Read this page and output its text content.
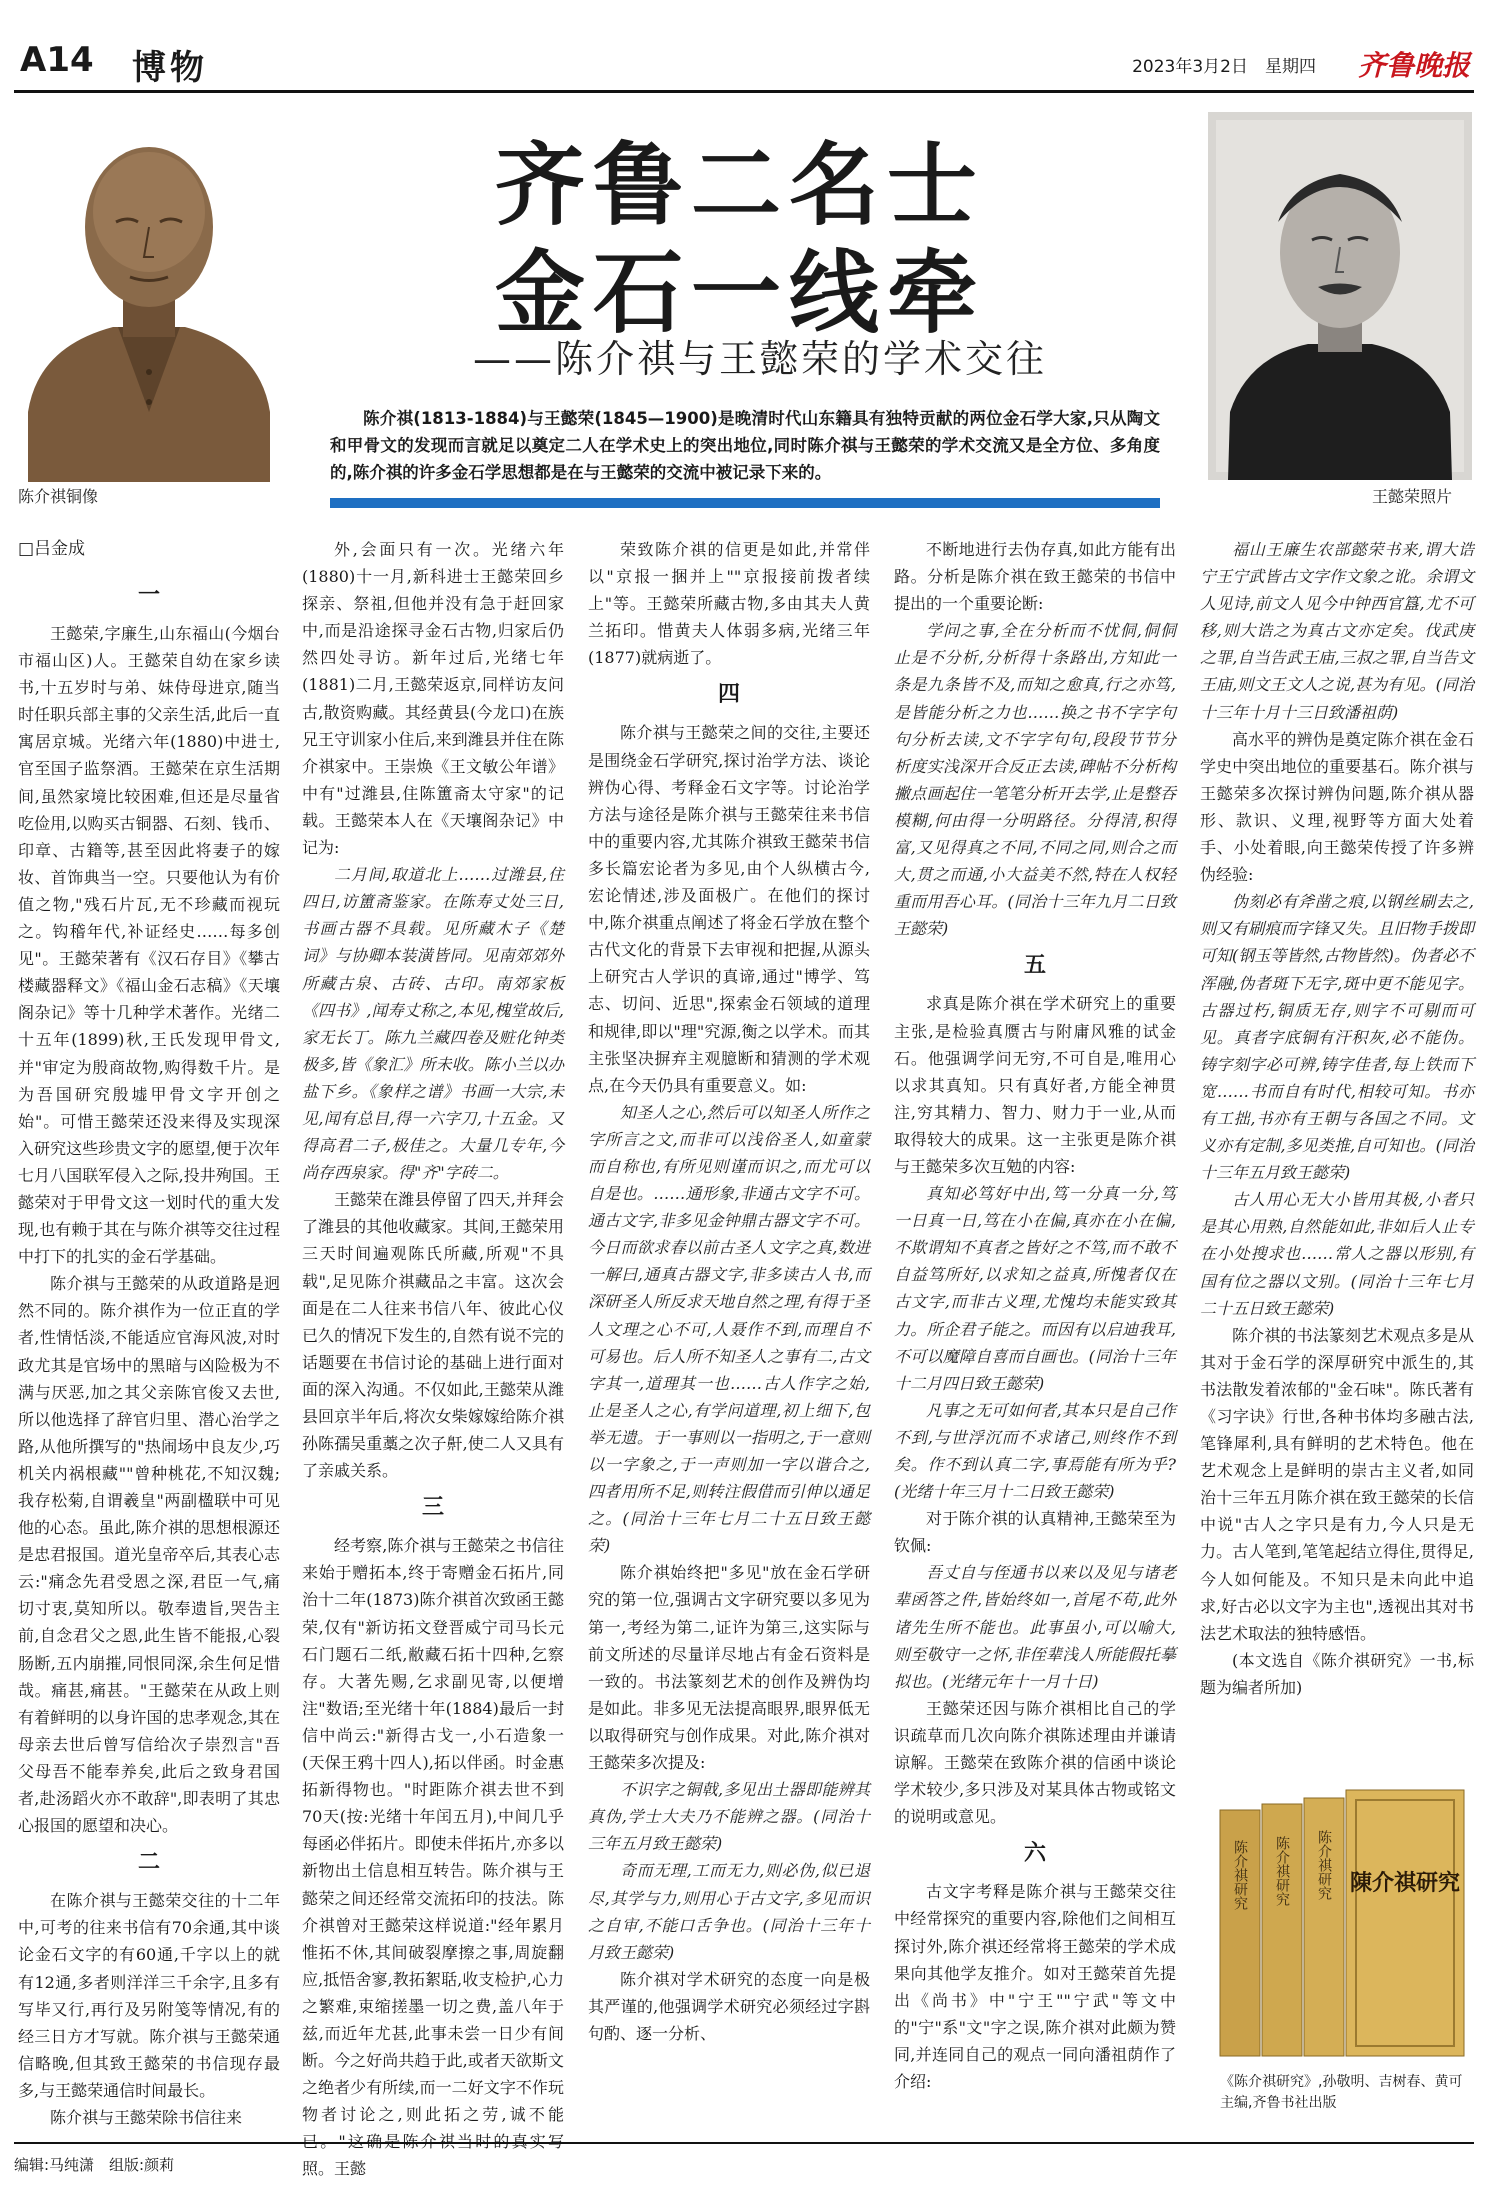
A14 博物	2023年3月2日　星期四 齐鲁晚报
陈介祺铜像	王懿荣照片
齐鲁二名士
金石一线牵
——陈介祺与王懿荣的学术交往
陈介祺(1813-1884)与王懿荣(1845—1900)是晚清时代山东籍具有独特贡献的两位金石学大家,只从陶文和甲骨文的发现而言就足以奠定二人在学术史上的突出地位,同时陈介祺与王懿荣的学术交流又是全方位、多角度的,陈介祺的许多金石学思想都是在与王懿荣的交流中被记录下来的。
□吕金成
一

王懿荣,字廉生,山东福山(今烟台市福山区)人。王懿荣自幼在家乡读书,十五岁时与弟、妹侍母进京,随当时任职兵部主事的父亲生活,此后一直寓居京城。光绪六年(1880)中进士,官至国子监祭酒。王懿荣在京生活期间,虽然家境比较困难,但还是尽量省吃俭用,以购买古铜器、石刻、钱币、印章、古籍等,甚至因此将妻子的嫁妆、首饰典当一空。只要他认为有价值之物,"残石片瓦,无不珍藏而视玩之。钩稽年代,补证经史……每多创见"。王懿荣著有《汉石存目》《攀古楼藏器释文》《福山金石志稿》《天壤阁杂记》等十几种学术著作。光绪二十五年(1899)秋,王氏发现甲骨文,并"审定为殷商故物,购得数千片。是为吾国研究殷墟甲骨文字开创之始"。可惜王懿荣还没来得及实现深入研究这些珍贵文字的愿望,便于次年七月八国联军侵入之际,投井殉国。王懿荣对于甲骨文这一划时代的重大发现,也有赖于其在与陈介祺等交往过程中打下的扎实的金石学基础。

陈介祺与王懿荣的从政道路是迥然不同的。陈介祺作为一位正直的学者,性情恬淡,不能适应官海风波,对时政尤其是官场中的黑暗与凶险极为不满与厌恶,加之其父亲陈官俊又去世,所以他选择了辞官归里、潜心治学之路,从他所撰写的"热闹场中良友少,巧机关内祸根藏""曾种桃花,不知汉魏;我存松菊,自谓羲皇"两副楹联中可见他的心态。虽此,陈介祺的思想根源还是忠君报国。道光皇帝卒后,其表心志云:"痛念先君受恩之深,君臣一气,痛切寸衷,莫知所以。敬奉遗旨,哭告主前,自念君父之恩,此生皆不能报,心裂肠断,五内崩摧,同恨同深,余生何足惜哉。痛甚,痛甚。"王懿荣在从政上则有着鲜明的以身许国的忠孝观念,其在母亲去世后曾写信给次子崇烈言"吾父母吾不能奉养矣,此后之致身君国者,赴汤蹈火亦不敢辞",即表明了其忠心报国的愿望和决心。

二

在陈介祺与王懿荣交往的十二年中,可考的往来书信有70余通,其中谈论金石文字的有60通,千字以上的就有12通,多者则洋洋三千余字,且多有写毕又行,再行及另附笺等情况,有的经三日方才写就。陈介祺与王懿荣通信略晚,但其致王懿荣的书信现存最多,与王懿荣通信时间最长。

陈介祺与王懿荣除书信往来

外,会面只有一次。光绪六年(1880)十一月,新科进士王懿荣回乡探亲、祭祖,但他并没有急于赶回家中,而是沿途探寻金石古物,归家后仍然四处寻访。新年过后,光绪七年(1881)二月,王懿荣返京,同样访友问古,散资购藏。其经黄县(今龙口)在族兄王守训家小住后,来到潍县并住在陈介祺家中。王崇焕《王文敏公年谱》中有"过潍县,住陈簠斋太守家"的记载。王懿荣本人在《天壤阁杂记》中记为:

二月间,取道北上……过潍县,住四日,访簠斋鉴家。在陈寿丈处三日,书画古器不具载。见所藏木子《楚词》与协卿本装潢皆同。见南郊郊外所藏古泉、古砖、古印。南郊家板《四书》,闻寿丈称之,本见,槐堂故后,家无长丁。陈九兰藏四卷及赃化钟类极多,皆《象汇》所未收。陈小兰以办盐下乡。《象样之谱》书画一大宗,未见,闻有总目,得一六字刀,十五金。又得高君二子,极佳之。大量几专年,今尚存西泉家。得"齐"字砖二。

王懿荣在潍县停留了四天,并拜会了潍县的其他收藏家。其间,王懿荣用三天时间遍观陈氏所藏,所观"不具载",足见陈介祺藏品之丰富。这次会面是在二人往来书信八年、彼此心仪已久的情况下发生的,自然有说不完的话题要在书信讨论的基础上进行面对面的深入沟通。不仅如此,王懿荣从潍县回京半年后,将次女柴嫁嫁给陈介祺孙陈孺吴重藁之次子鼾,使二人又具有了亲戚关系。

三

经考察,陈介祺与王懿荣之书信往来始于赠拓本,终于寄赠金石拓片,同治十二年(1873)陈介祺首次致函王懿荣,仅有"新访拓文登晋威宁司马长元石门题石二纸,敝藏石拓十四种,乞察存。大著先赐,乞求副见寄,以便增注"数语;至光绪十年(1884)最后一封信中尚云:"新得古戈一,小石造象一(天保王鸦十四人),拓以伴函。时金惠拓新得物也。"时距陈介祺去世不到70天(按:光绪十年闰五月),中间几乎每函必伴拓片。即使未伴拓片,亦多以新物出土信息相互转告。陈介祺与王懿荣之间还经常交流拓印的技法。陈介祺曾对王懿荣这样说道:"经年累月惟拓不休,其间破裂摩擦之事,周旋翻应,抵悟舍寥,教拓絮聒,收支检护,心力之繁难,束缩搓墨一切之费,盖八年于兹,而近年尤甚,此事未尝一日少有间断。今之好尚共趋于此,或者天欲斯文之绝者少有所续,而一二好文字不作玩物者讨论之,则此拓之劳,诚不能已。"这确是陈介祺当时的真实写照。王懿

荣致陈介祺的信更是如此,并常伴以"京报一捆并上""京报接前拨者续上"等。王懿荣所藏古物,多由其夫人黄兰拓印。惜黄夫人体弱多病,光绪三年(1877)就病逝了。

四

陈介祺与王懿荣之间的交往,主要还是围绕金石学研究,探讨治学方法、谈论辨伪心得、考释金石文字等。讨论治学方法与途径是陈介祺与王懿荣往来书信中的重要内容,尤其陈介祺致王懿荣书信多长篇宏论者为多见,由个人纵横古今,宏论情述,涉及面极广。在他们的探讨中,陈介祺重点阐述了将金石学放在整个古代文化的背景下去审视和把握,从源头上研究古人学识的真谛,通过"博学、笃志、切问、近思",探索金石领域的道理和规律,即以"理"究源,衡之以学术。而其主张坚决摒弃主观臆断和猜测的学术观点,在今天仍具有重要意义。如:

知圣人之心,然后可以知圣人所作之字所言之文,而非可以浅俗圣人,如童蒙而自称也,有所见则谨而识之,而尤可以自是也。……通形象,非通古文字不可。通古文字,非多见金钟鼎古器文字不可。今日而欲求春以前古圣人文字之真,数进一解曰,通真古器文字,非多读古人书,而深研圣人所反求天地自然之理,有得于圣人文理之心不可,人聂作不到,而理自不可易也。后人所不知圣人之事有二,古文字其一,道理其一也……古人作字之始,止是圣人之心,有学问道理,初上细下,包举无遗。于一事则以一指明之,于一意则以一字象之,于一声则加一字以谐合之,四者用所不足,则转注假借而引伸以通足之。(同治十三年七月二十五日致王懿荣)

陈介祺始终把"多见"放在金石学研究的第一位,强调古文字研究要以多见为第一,考经为第二,证许为第三,这实际与前文所述的尽量详尽地占有金石资料是一致的。书法篆刻艺术的创作及辨伪均是如此。非多见无法提高眼界,眼界低无以取得研究与创作成果。对此,陈介祺对王懿荣多次提及:

不识字之铜戟,多见出土器即能辨其真伪,学士大夫乃不能辨之器。(同治十三年五月致王懿荣)

奇而无理,工而无力,则必伪,似已退尽,其学与力,则用心于古文字,多见而识之自审,不能口舌争也。(同治十三年十月致王懿荣)

陈介祺对学术研究的态度一向是极其严谨的,他强调学术研究必须经过字斟句酌、逐一分析、

不断地进行去伪存真,如此方能有出路。分析是陈介祺在致王懿荣的书信中提出的一个重要论断:

学问之事,全在分析而不忧侗,侗侗止是不分析,分析得十条路出,方知此一条是九条皆不及,而知之愈真,行之亦笃,是皆能分析之力也……换之书不字字句句分析去读,文不字字句句,段段节节分析度实浅深开合反正去读,碑帖不分析构撇点画起住一笔笔分析开去学,止是整吞模糊,何由得一分明路径。分得清,积得富,又见得真之不同,不同之同,则合之而大,贯之而通,小大益美不然,特在人权轻重而用吾心耳。(同治十三年九月二日致王懿荣)

五

求真是陈介祺在学术研究上的重要主张,是检验真赝古与附庸风雅的试金石。他强调学问无穷,不可自是,唯用心以求其真知。只有真好者,方能全神贯注,穷其精力、智力、财力于一业,从而取得较大的成果。这一主张更是陈介祺与王懿荣多次互勉的内容:

真知必笃好中出,笃一分真一分,笃一日真一日,笃在小在偏,真亦在小在偏,不欺谓知不真者之皆好之不笃,而不敢不自益笃所好,以求知之益真,所愧者仅在古文字,而非古义理,尤愧均未能实致其力。所企君子能之。而因有以启迪我耳,不可以魔障自喜而自画也。(同治十三年十二月四日致王懿荣)

凡事之无可如何者,其本只是自己作不到,与世浮沉而不求诸己,则终作不到矣。作不到认真二字,事焉能有所为乎?(光绪十年三月十二日致王懿荣)

对于陈介祺的认真精神,王懿荣至为钦佩:

吾丈自与侄通书以来以及见与诸老辈函答之件,皆始终如一,首尾不苟,此外诸先生所不能也。此事虽小,可以喻大,则至敬守一之怀,非侄辈浅人所能假托摹拟也。(光绪元年十一月十日)

王懿荣还因与陈介祺相比自己的学识疏草而几次向陈介祺陈述理由并谦请谅解。王懿荣在致陈介祺的信函中谈论学术较少,多只涉及对某具体古物或铭文的说明或意见。

六

古文字考释是陈介祺与王懿荣交往中经常探究的重要内容,除他们之间相互探讨外,陈介祺还经常将王懿荣的学术成果向其他学友推介。如对王懿荣首先提出《尚书》中"宁王""宁武"等文中的"宁"系"文"字之误,陈介祺对此颇为赞同,并连同自己的观点一同向潘祖荫作了介绍:

福山王廉生农部懿荣书来,谓大诰宁王宁武皆古文字作文象之讹。余谓文人见诗,前文人见今中钟西官簋,尤不可移,则大诰之为真古文亦定矣。伐武庚之罪,自当告武王庙,三叔之罪,自当告文王庙,则文王文人之说,甚为有见。(同治十三年十月十三日致潘祖荫)

高水平的辨伪是奠定陈介祺在金石学史中突出地位的重要基石。陈介祺与王懿荣多次探讨辨伪问题,陈介祺从器形、款识、义理,视野等方面大处着手、小处着眼,向王懿荣传授了许多辨伪经验:

伪刻必有斧凿之痕,以钢丝刷去之,则又有刷痕而字锋又失。且旧物手拨即可知(钢玉等皆然,古物皆然)。伪者必不浑融,伪者斑下无字,斑中更不能见字。古器过朽,铜质无存,则字不可剔而可见。真者字底铜有汗积灰,必不能伪。铸字刻字必可辨,铸字佳者,每上铁而下宽……书而自有时代,相较可知。书亦有工拙,书亦有王朝与各国之不同。文义亦有定制,多见类推,自可知也。(同治十三年五月致王懿荣)

古人用心无大小皆用其极,小者只是其心用熟,自然能如此,非如后人止专在小处搜求也……常人之器以形别,有国有位之器以文别。(同治十三年七月二十五日致王懿荣)

陈介祺的书法篆刻艺术观点多是从其对于金石学的深厚研究中派生的,其书法散发着浓郁的"金石味"。陈氏著有《习字诀》行世,各种书体均多融古法,笔锋犀利,具有鲜明的艺术特色。他在艺术观念上是鲜明的崇古主义者,如同治十三年五月陈介祺在致王懿荣的长信中说"古人之字只是有力,今人只是无力。古人笔到,笔笔起结立得住,贯得足,今人如何能及。不知只是未向此中追求,好古必以文字为主也",透视出其对书法艺术取法的独特感悟。

(本文选自《陈介祺研究》一书,标题为编者所加)

陈介祺研究 陈介祺研究 陈介祺研究 陳介祺研究
《陈介祺研究》,孙敬明、吉树春、黄可主编,齐鲁书社出版
编辑:马纯潇　组版:颜莉
